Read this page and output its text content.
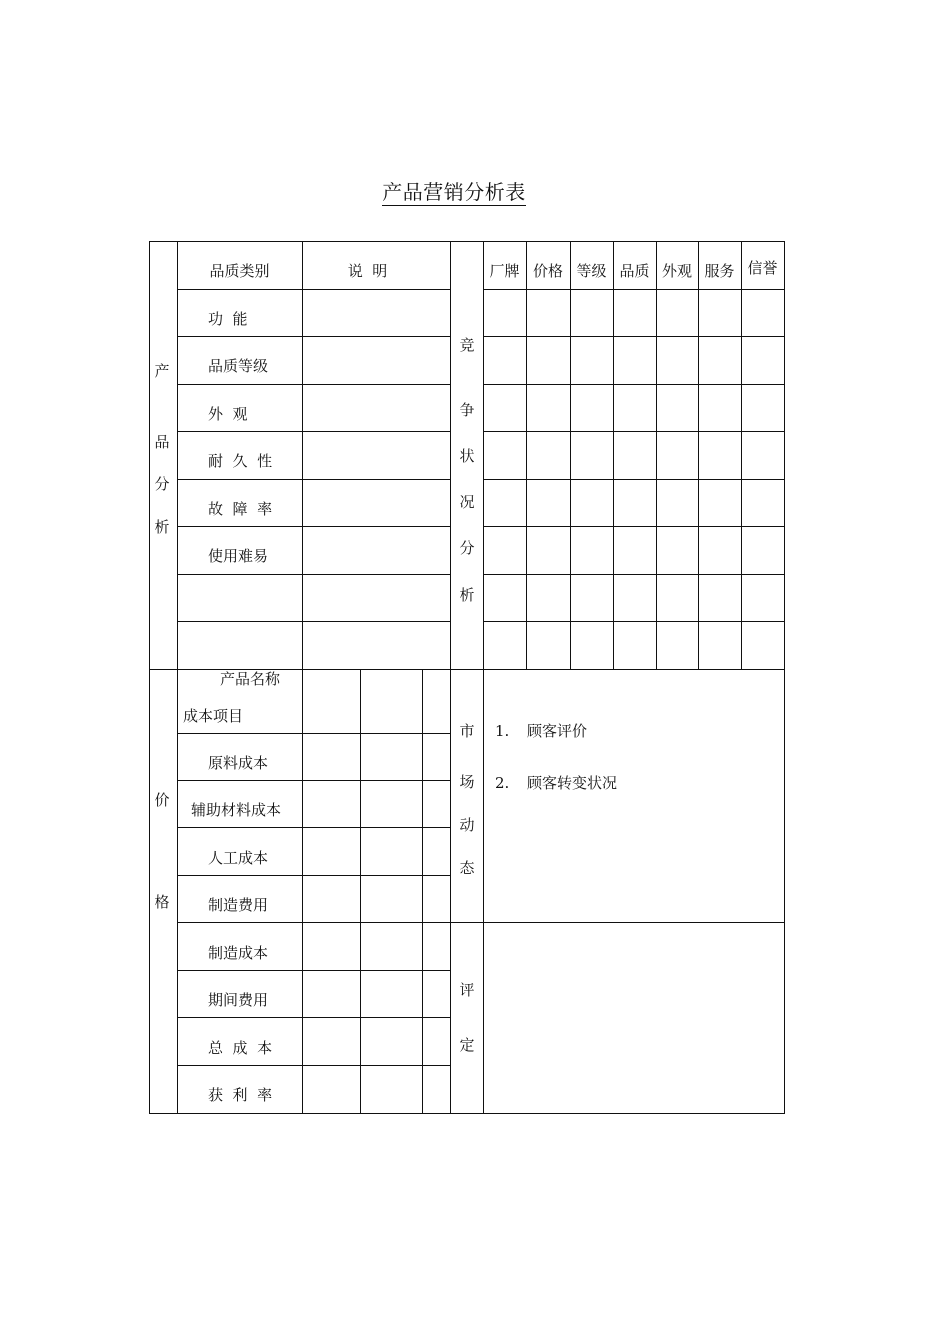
产品营销分析表
产
品
分
析
品质类别	说  明
功  能
品质等级
外  观
耐  久  性
故  障  率
使用难易
竞
争
状
况
分
析
厂牌 价格 等级 品质 外观 服务 信誉
价
格
产品名称
成本项目
原料成本
辅助材料成本
人工成本
制造费用
制造成本
期间费用
总  成  本
获  利  率
市
场
动
态
1. 顾客评价
2. 顾客转变状况
评
定
